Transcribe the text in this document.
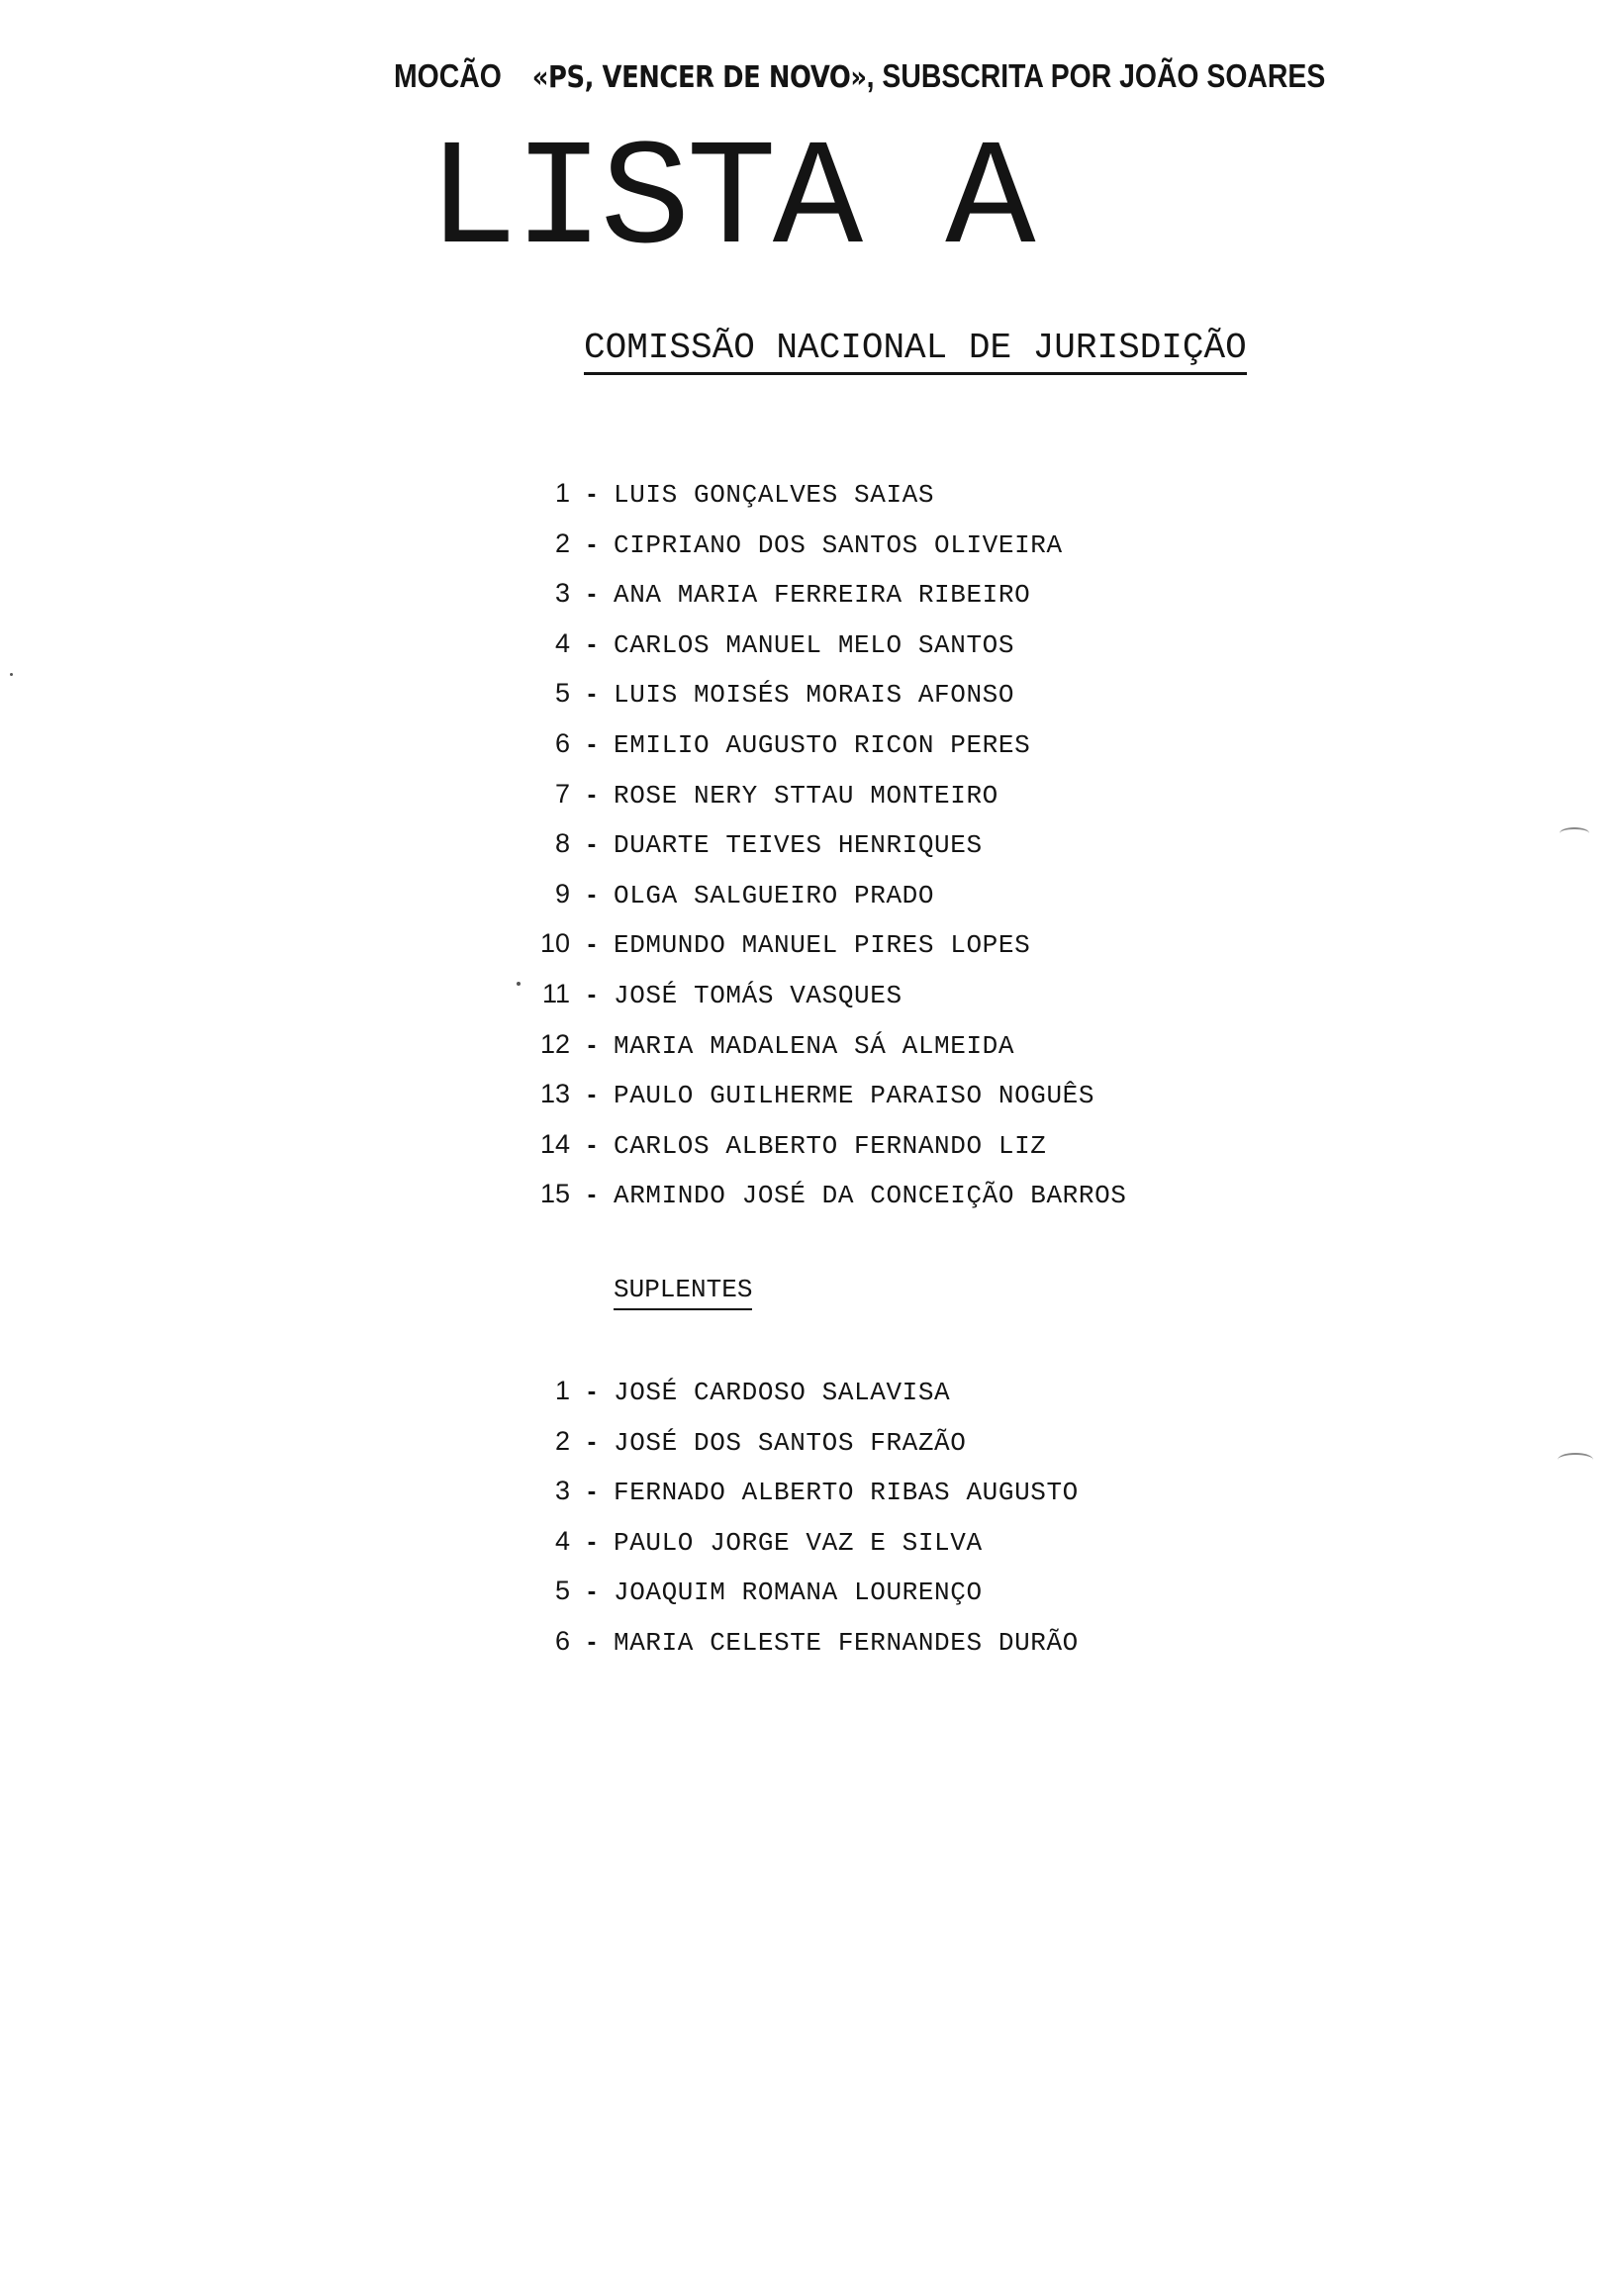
MOCÃO «PS, VENCER DE NOVO», SUBSCRITA POR JOÃO SOARES
LISTA A
COMISSÃO NACIONAL DE JURISDIÇÃO
1 - LUIS GONÇALVES SAIAS
2 - CIPRIANO DOS SANTOS OLIVEIRA
3 - ANA MARIA FERREIRA RIBEIRO
4 - CARLOS MANUEL MELO SANTOS
5 - LUIS MOISÉS MORAIS AFONSO
6 - EMILIO AUGUSTO RICON PERES
7 - ROSE NERY STTAU MONTEIRO
8 - DUARTE TEIVES HENRIQUES
9 - OLGA SALGUEIRO PRADO
10 - EDMUNDO MANUEL PIRES LOPES
11 - JOSÉ TOMÁS VASQUES
12 - MARIA MADALENA SÁ ALMEIDA
13 - PAULO GUILHERME PARAISO NOGUÊS
14 - CARLOS ALBERTO FERNANDO LIZ
15 - ARMINDO JOSÉ DA CONCEIÇÃO BARROS
SUPLENTES
1 - JOSÉ CARDOSO SALAVISA
2 - JOSÉ DOS SANTOS FRAZÃO
3 - FERNADO ALBERTO RIBAS AUGUSTO
4 - PAULO JORGE VAZ E SILVA
5 - JOAQUIM ROMANA LOURENÇO
6 - MARIA CELESTE FERNANDES DURÃO
